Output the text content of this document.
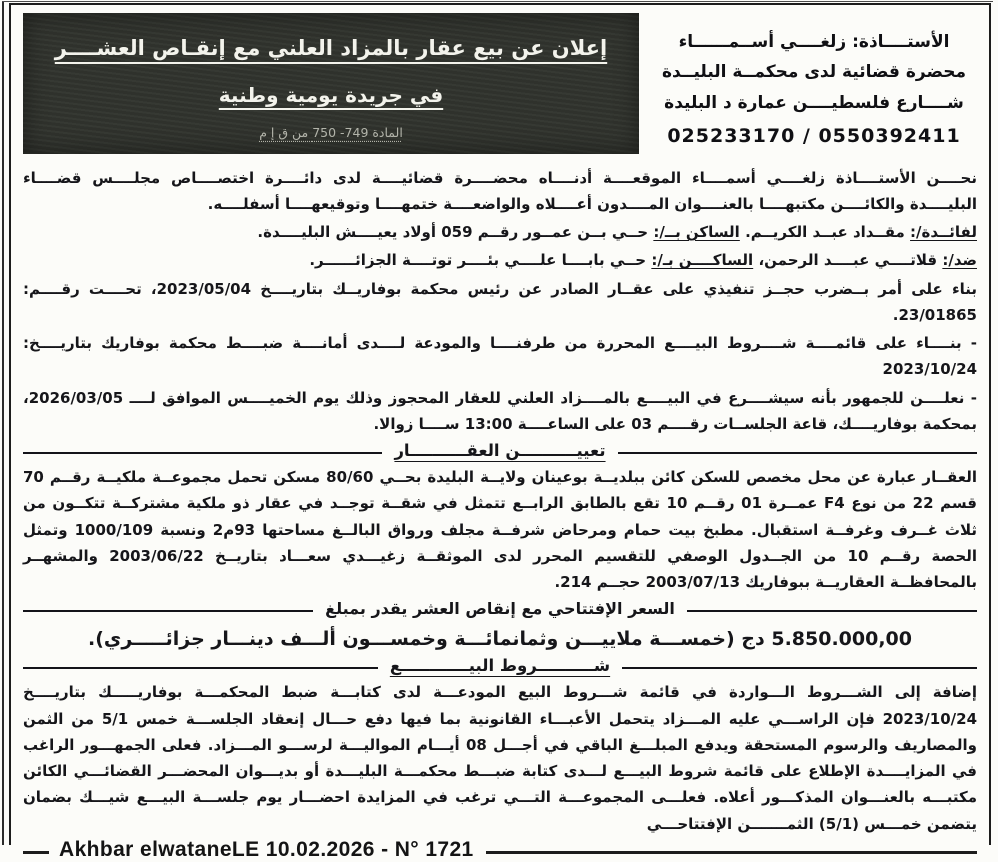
الأستــــاذة: زلغــــي أســمــــــاء
محضرة قضائية لدى محكمــة البليــدة
شــــارع فلسطيــــن عمارة د البليدة
025233170 / 0550392411
إعلان عن بيع عقار بالمزاد العلني مع إنقـاص العشــــر
في جريدة يومية وطنية
المادة 749- 750 من ق إ م

نحــــن الأستــــاذة زلغــــي أسمــــاء الموقعــــة أدنــــاه محضــــرة قضائيــــة لدى دائــــرة اختصــــاص مجلــــس قضــــاء البليــــدة والكائــــن مكتبهــــا بالعنــــوان المــــدون أعــــلاه والواضعــــة ختمهــــا وتوقيعهــــا أسفلــــه.

لفائــدة/: مقــداد عبــد الكريــم. الساكن بــ/: حــي بــن عمــور رقــم 059 أولاد يعيــــش البليــــدة.

ضد/: قلاتــــي عبــــد الرحمن، الساكــــن بـ/: حــي بابــــا علــــي بئــــر توتــــة الجزائــــــر.

بناء على أمر بــضرب حجــز تنفيذي على عقــار الصادر عن رئيس محكمة بوفاريــك بتاريــــخ 2023/05/04، تحــــت رقــــم: 23/01865.

- بنــــاء على قائمــــة شــــروط البيــــع المحررة من طرفنــــا والمودعة لــــدى أمانــــة ضبــــط محكمة بوفاريك بتاريــــخ: 2023/10/24

- نعلــــن للجمهور بأنه سيشــــرع في البيــــع بالمــــزاد العلني للعقار المحجوز وذلك يوم الخميــــس الموافق لــــ 2026/03/05، بمحكمة بوفاريــــك، قاعة الجلســات رقــــم 03 على الساعــــة 13:00 ســــا زوالا.

تعييــــــــــن العقــــــــــار

العقــار عبارة عن محل مخصص للسكن كائن ببلديــة بوعينان ولايــة البليدة بحــي 80/60 مسكن تحمل مجموعــة ملكيــة رقــم 70 قسم 22 من نوع F4 عمــرة 01 رقــم 10 تقع بالطابق الرابــع تتمثل في شقــة توجــد في عقار ذو ملكية مشتركــة تتكــون من ثلاث غــرف وغرفــة استقبال. مطبخ بيت حمام ومرحاض شرفــة مجلف ورواق البالــغ مساحتها 93م2 ونسبة 1000/109 وتمثل الحصة رقــم 10 من الجــدول الوصفي للتقسيم المحرر لدى الموثقــة زغيـــدي سعـــاد بتاريــخ 2003/06/22 والمشهــر بالمحافظــة العقاريــة ببوفاريك 2003/07/13 حجــم 214.

السعر الإفتتاحي مع إنقاص العشر يقدر بمبلغ

5.850.000,00 دج (خمســـة ملاييـــن وثمانمائـــة وخمســـون ألـــف دينـــار جزائـــــري).

شــــــــــروط البيــــــــــــع

إضافة إلى الشـــروط الـــواردة في قائمة شـــروط البيع المودعـــة لدى كتابـــة ضبط المحكمـــة بوفاريـــــك بتاريــــخ 2023/10/24 فإن الراســـي عليه المـــزاد يتحمل الأعبـــاء القانونية بما فيها دفع حـــال إنعقاد الجلســـة خمس 5/1 من الثمن والمصاريف والرسوم المستحقة ويدفع المبلـــغ الباقي في أجـــل 08 أيـــام المواليـــة لرســـو المـــزاد. فعلى الجمهـــور الراغب في المزايــــدة الإطلاع على قائمة شروط البيـــع لـــدى كتابة ضبـــط محكمـــة البليـــدة أو بديـــوان المحضـــر القضائـــي الكائن مكتبـــه بالعنـــوان المذكـــور أعلاه. فعلـــى المجموعـــة التـــي ترغب في المزايدة احضـــار يوم جلســـة البيـــع شيـــك بضمان يتضمن خمـــس (5/1) الثمـــــــن الإفتتاحـــي

Akhbar elwataneLE 10.02.2026 - N° 1721
